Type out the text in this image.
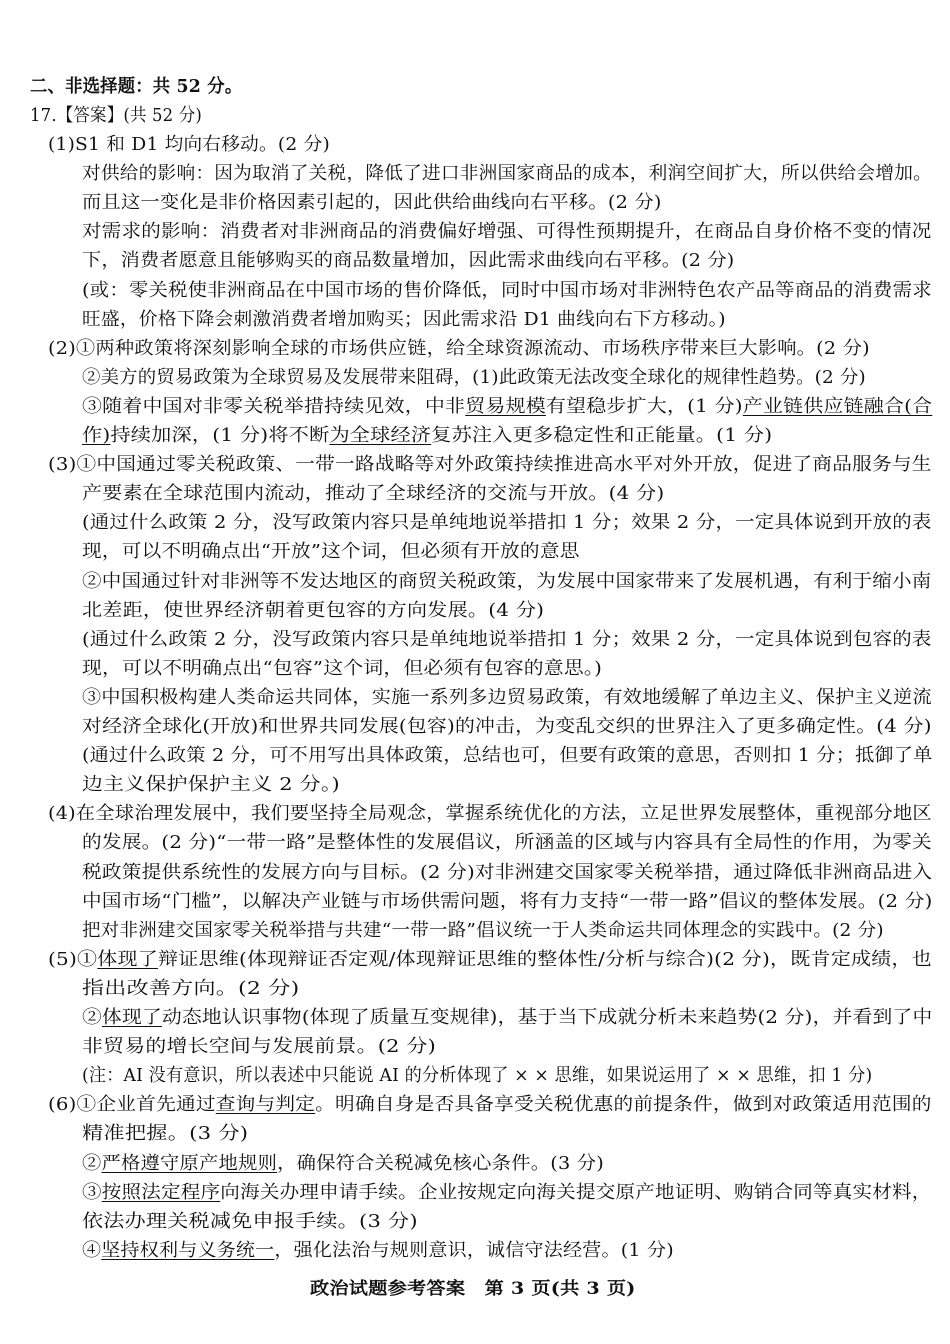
二、非选择题：共 52 分。
17.【答案】(共 52 分)
(1)S1 和 D1 均向右移动。(2 分)
对供给的影响：因为取消了关税，降低了进口非洲国家商品的成本，利润空间扩大，所以供给会增加。
而且这一变化是非价格因素引起的，因此供给曲线向右平移。(2 分)
对需求的影响：消费者对非洲商品的消费偏好增强、可得性预期提升，在商品自身价格不变的情况
下，消费者愿意且能够购买的商品数量增加，因此需求曲线向右平移。(2 分)
(或：零关税使非洲商品在中国市场的售价降低，同时中国市场对非洲特色农产品等商品的消费需求
旺盛，价格下降会刺激消费者增加购买；因此需求沿 D1 曲线向右下方移动。)
(2)①两种政策将深刻影响全球的市场供应链，给全球资源流动、市场秩序带来巨大影响。(2 分)
②美方的贸易政策为全球贸易及发展带来阻碍，(1)此政策无法改变全球化的规律性趋势。(2 分)
③随着中国对非零关税举措持续见效，中非贸易规模有望稳步扩大，(1 分)产业链供应链融合(合
作)持续加深，(1 分)将不断为全球经济复苏注入更多稳定性和正能量。(1 分)
(3)①中国通过零关税政策、一带一路战略等对外政策持续推进高水平对外开放，促进了商品服务与生
产要素在全球范围内流动，推动了全球经济的交流与开放。(4 分)
(通过什么政策 2 分，没写政策内容只是单纯地说举措扣 1 分；效果 2 分，一定具体说到开放的表
现，可以不明确点出“开放”这个词，但必须有开放的意思
②中国通过针对非洲等不发达地区的商贸关税政策，为发展中国家带来了发展机遇，有利于缩小南
北差距，使世界经济朝着更包容的方向发展。(4 分)
(通过什么政策 2 分，没写政策内容只是单纯地说举措扣 1 分；效果 2 分，一定具体说到包容的表
现，可以不明确点出“包容”这个词，但必须有包容的意思。)
③中国积极构建人类命运共同体，实施一系列多边贸易政策，有效地缓解了单边主义、保护主义逆流
对经济全球化(开放)和世界共同发展(包容)的冲击，为变乱交织的世界注入了更多确定性。(4 分)
(通过什么政策 2 分，可不用写出具体政策，总结也可，但要有政策的意思，否则扣 1 分；抵御了单
边主义保护保护主义 2 分。)
(4)在全球治理发展中，我们要坚持全局观念，掌握系统优化的方法，立足世界发展整体，重视部分地区
的发展。(2 分)“一带一路”是整体性的发展倡议，所涵盖的区域与内容具有全局性的作用，为零关
税政策提供系统性的发展方向与目标。(2 分)对非洲建交国家零关税举措，通过降低非洲商品进入
中国市场“门槛”，以解决产业链与市场供需问题，将有力支持“一带一路”倡议的整体发展。(2 分)
把对非洲建交国家零关税举措与共建“一带一路”倡议统一于人类命运共同体理念的实践中。(2 分)
(5)①体现了辩证思维(体现辩证否定观/体现辩证思维的整体性/分析与综合)(2 分)，既肯定成绩，也
指出改善方向。(2 分)
②体现了动态地认识事物(体现了质量互变规律)，基于当下成就分析未来趋势(2 分)，并看到了中
非贸易的增长空间与发展前景。(2 分)
(注：AI 没有意识，所以表述中只能说 AI 的分析体现了 × × 思维，如果说运用了 × × 思维，扣 1 分)
(6)①企业首先通过查询与判定。明确自身是否具备享受关税优惠的前提条件，做到对政策适用范围的
精准把握。(3 分)
②严格遵守原产地规则，确保符合关税减免核心条件。(3 分)
③按照法定程序向海关办理申请手续。企业按规定向海关提交原产地证明、购销合同等真实材料，
依法办理关税减免申报手续。(3 分)
④坚持权利与义务统一，强化法治与规则意识，诚信守法经营。(1 分)
政治试题参考答案　第 3 页(共 3 页)
